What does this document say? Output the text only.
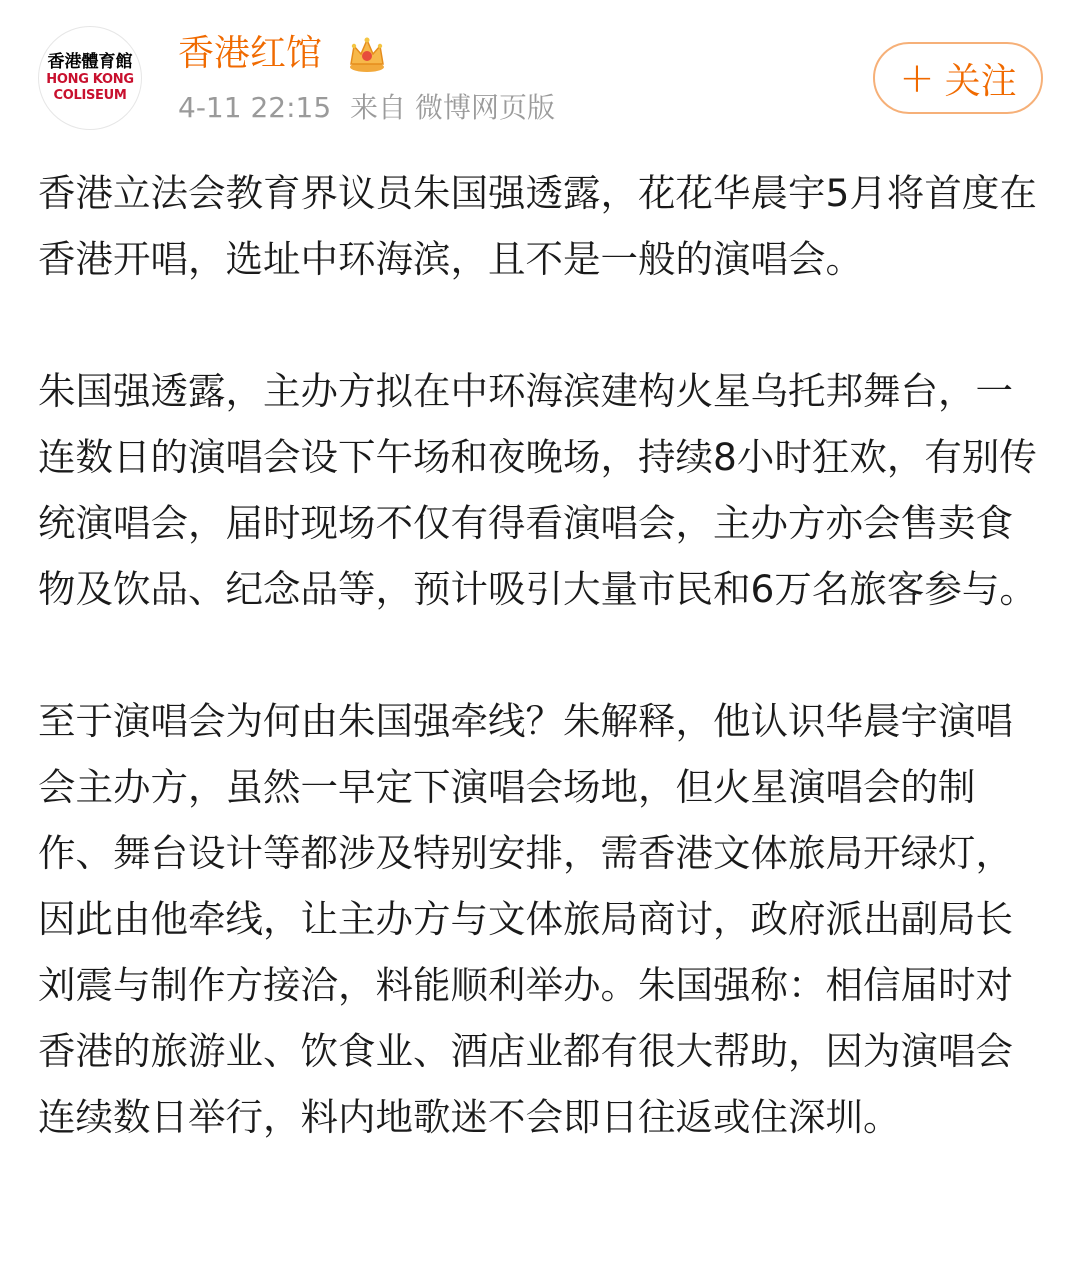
香港體育館
HONG KONG
COLISEUM
香港红馆
4-11 22:15 来自 微博网页版
+ 关注

香港立法会教育界议员朱国强透露，花花华晨宇5月将首度在香港开唱，选址中环海滨，且不是一般的演唱会。

朱国强透露，主办方拟在中环海滨建构火星乌托邦舞台，一连数日的演唱会设下午场和夜晚场，持续8小时狂欢，有别传统演唱会，届时现场不仅有得看演唱会，主办方亦会售卖食物及饮品、纪念品等，预计吸引大量市民和6万名旅客参与。

至于演唱会为何由朱国强牵线？朱解释，他认识华晨宇演唱会主办方，虽然一早定下演唱会场地，但火星演唱会的制作、舞台设计等都涉及特别安排，需香港文体旅局开绿灯，因此由他牵线，让主办方与文体旅局商讨，政府派出副局长刘震与制作方接洽，料能顺利举办。朱国强称：相信届时对香港的旅游业、饮食业、酒店业都有很大帮助，因为演唱会连续数日举行，料内地歌迷不会即日往返或住深圳。
